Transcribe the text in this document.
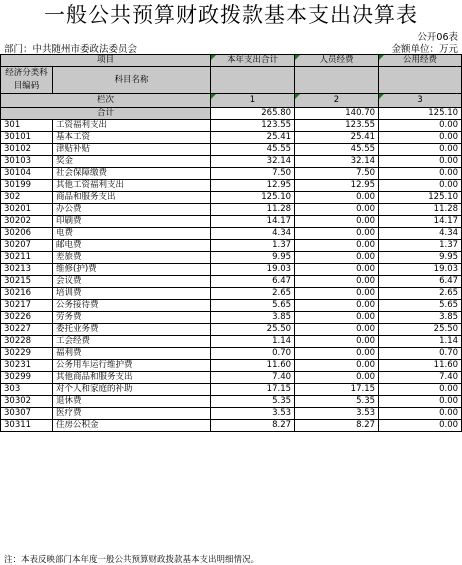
一般公共预算财政拨款基本支出决算表
公开06表
部门：中共随州市委政法委员会	金额单位：万元
项目		本年支出合计	人员经费	公用经费
经济分类科目编码	科目名称			

栏次		1	2	3
合计		265.80	140.70	125.10
301	工资福利支出	123.55	123.55	0.00
30101	基本工资	25.41	25.41	0.00
30102	津贴补贴	45.55	45.55	0.00
30103	奖金	32.14	32.14	0.00
30104	社会保障缴费	7.50	7.50	0.00
30199	其他工资福利支出	12.95	12.95	0.00
302	商品和服务支出	125.10	0.00	125.10
30201	办公费	11.28	0.00	11.28
30202	印刷费	14.17	0.00	14.17
30206	电费	4.34	0.00	4.34
30207	邮电费	1.37	0.00	1.37
30211	差旅费	9.95	0.00	9.95
30213	维修(护)费	19.03	0.00	19.03
30215	会议费	6.47	0.00	6.47
30216	培训费	2.65	0.00	2.65
30217	公务接待费	5.65	0.00	5.65
30226	劳务费	3.85	0.00	3.85
30227	委托业务费	25.50	0.00	25.50
30228	工会经费	1.14	0.00	1.14
30229	福利费	0.70	0.00	0.70
30231	公务用车运行维护费	11.60	0.00	11.60
30299	其他商品和服务支出	7.40	0.00	7.40
303	对个人和家庭的补助	17.15	17.15	0.00
30302	退休费	5.35	5.35	0.00
30307	医疗费	3.53	3.53	0.00
30311	住房公积金	8.27	8.27	0.00
注：本表反映部门本年度一般公共预算财政拨款基本支出明细情况。
